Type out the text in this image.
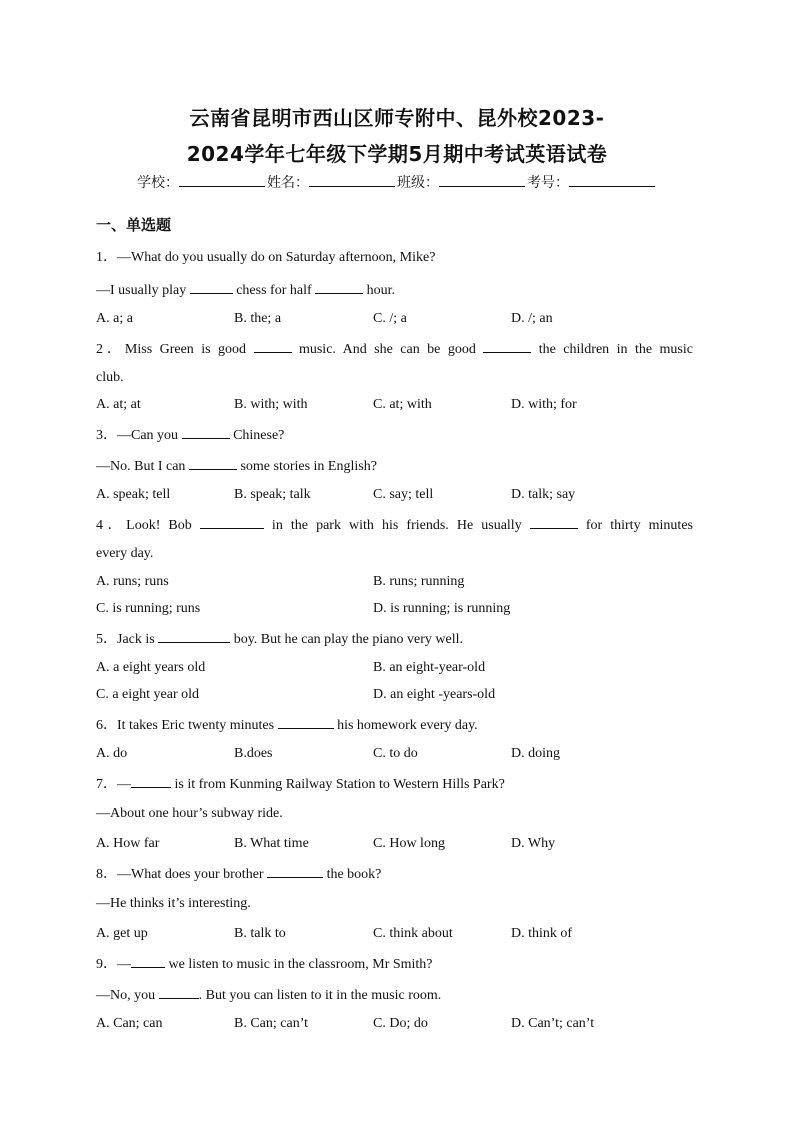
云南省昆明市西山区师专附中、昆外校2023-
2024学年七年级下学期5月期中考试英语试卷
学校：	姓名：	班级：	考号：
一、单选题
1．—What do you usually do on Saturday afternoon, Mike?
—I usually play	chess for half	hour.
A. a; a	B. the; a	C. /; a	D. /; an
2．Miss Green is good	music. And she can be good	the children in the music
club.
A. at; at	B. with; with	C. at; with	D. with; for
3．—Can you	Chinese?
—No. But I can	some stories in English?
A. speak; tell	B. speak; talk	C. say; tell	D. talk; say
4．Look! Bob	in the park with his friends. He usually	for thirty minutes
every day.
A. runs; runs	B. runs; running
C. is running; runs	D. is running; is running
5．Jack is	boy. But he can play the piano very well.
A. a eight years old	B. an eight-year-old
C. a eight year old	D. an eight -years-old
6．It takes Eric twenty minutes	his homework every day.
A. do	B.does	C. to do	D. doing
7．—	is it from Kunming Railway Station to Western Hills Park?
—About one hour’s subway ride.
A. How far	B. What time	C. How long	D. Why
8．—What does your brother	the book?
—He thinks it’s interesting.
A. get up	B. talk to	C. think about	D. think of
9．— we listen to music in the classroom, Mr Smith?
—No, you	. But you can listen to it in the music room.
A. Can; can	B. Can; can’t	C. Do; do	D. Can’t; can’t
